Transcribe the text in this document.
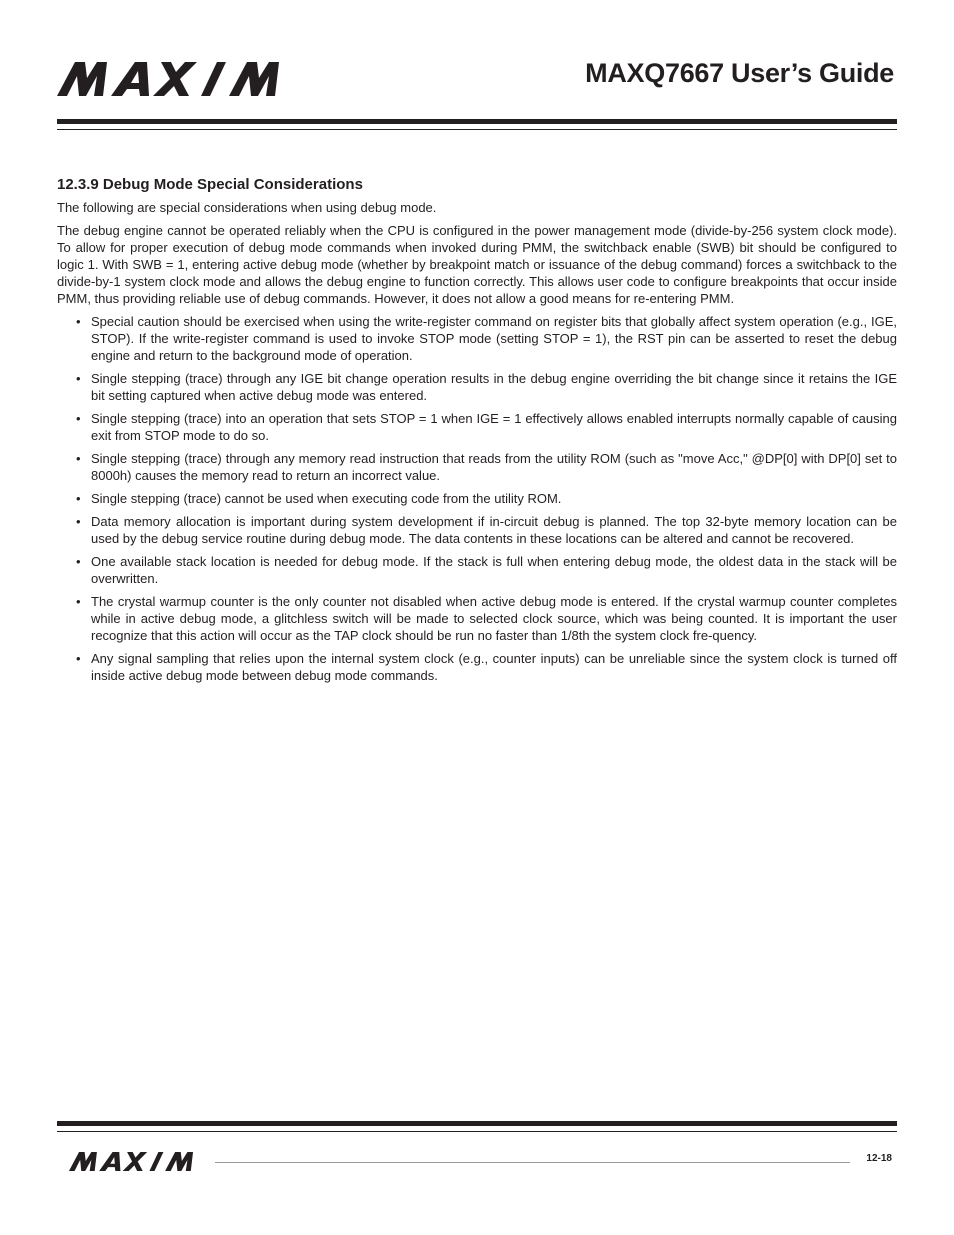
MAXQ7667 User’s Guide
12.3.9 Debug Mode Special Considerations

The following are special considerations when using debug mode.

The debug engine cannot be operated reliably when the CPU is configured in the power management mode (divide-by-256 system clock mode). To allow for proper execution of debug mode commands when invoked during PMM, the switchback enable (SWB) bit should be configured to logic 1. With SWB = 1, entering active debug mode (whether by breakpoint match or issuance of the debug command) forces a switchback to the divide-by-1 system clock mode and allows the debug engine to function correctly. This allows user code to configure breakpoints that occur inside PMM, thus providing reliable use of debug commands. However, it does not allow a good means for re-entering PMM.

• Special caution should be exercised when using the write-register command on register bits that globally affect system operation (e.g., IGE, STOP). If the write-register command is used to invoke STOP mode (setting STOP = 1), the RST pin can be asserted to reset the debug engine and return to the background mode of operation.
• Single stepping (trace) through any IGE bit change operation results in the debug engine overriding the bit change since it retains the IGE bit setting captured when active debug mode was entered.
• Single stepping (trace) into an operation that sets STOP = 1 when IGE = 1 effectively allows enabled interrupts normally capable of causing exit from STOP mode to do so.
• Single stepping (trace) through any memory read instruction that reads from the utility ROM (such as "move Acc," @DP[0] with DP[0] set to 8000h) causes the memory read to return an incorrect value.
• Single stepping (trace) cannot be used when executing code from the utility ROM.
• Data memory allocation is important during system development if in-circuit debug is planned. The top 32-byte memory location can be used by the debug service routine during debug mode. The data contents in these locations can be altered and cannot be recovered.
• One available stack location is needed for debug mode. If the stack is full when entering debug mode, the oldest data in the stack will be overwritten.
• The crystal warmup counter is the only counter not disabled when active debug mode is entered. If the crystal warmup counter completes while in active debug mode, a glitchless switch will be made to selected clock source, which was being counted. It is important the user recognize that this action will occur as the TAP clock should be run no faster than 1/8th the system clock fre-quency.
• Any signal sampling that relies upon the internal system clock (e.g., counter inputs) can be unreliable since the system clock is turned off inside active debug mode between debug mode commands.
12-18
